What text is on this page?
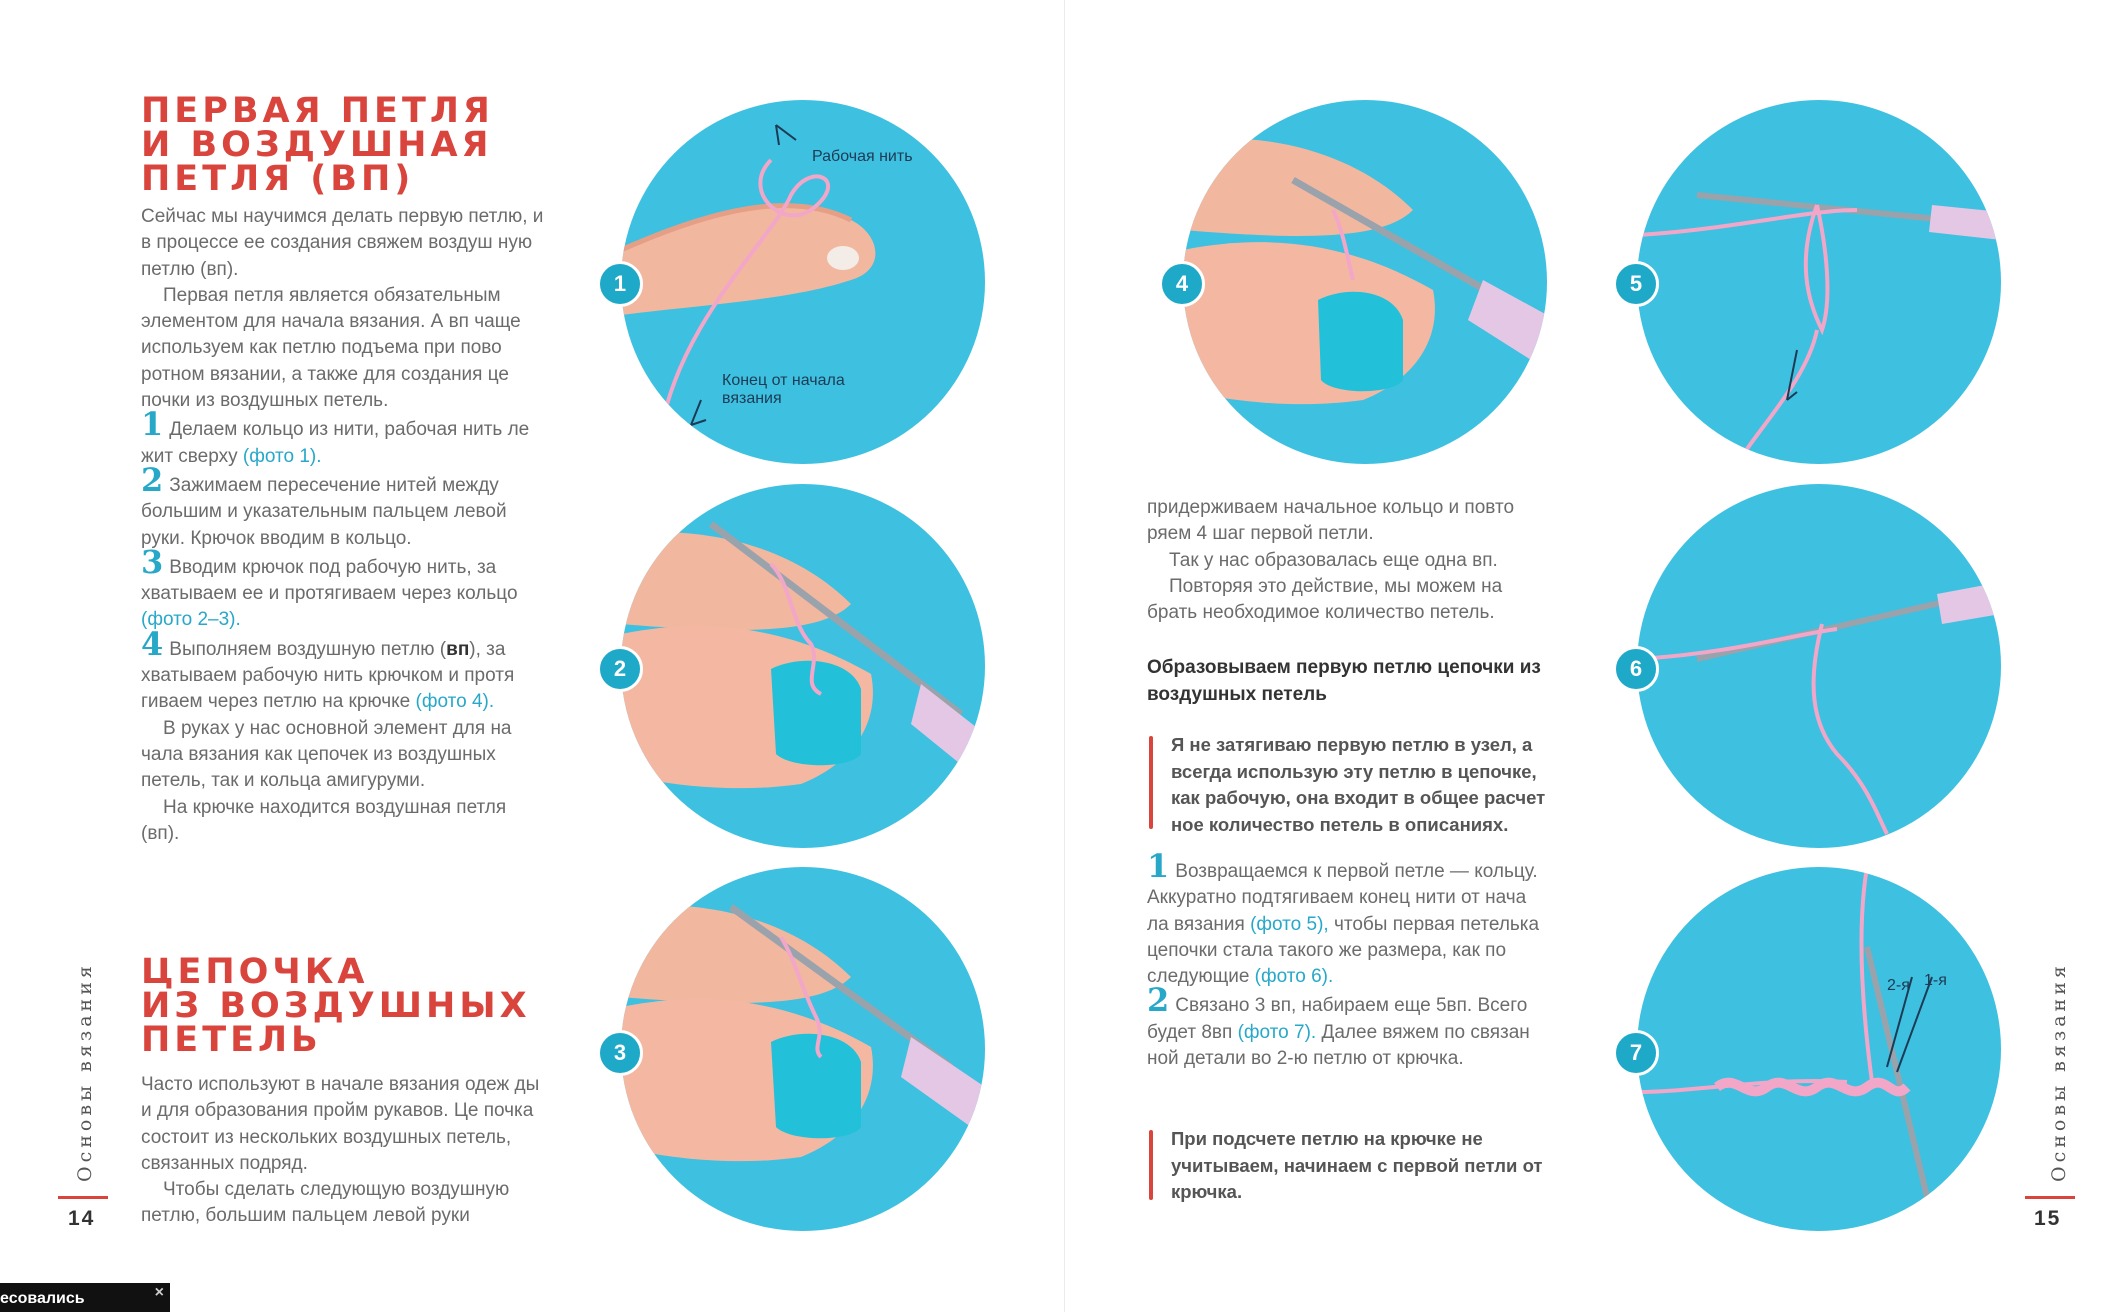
ПЕРВАЯ ПЕТЛЯ
И ВОЗДУШНАЯ
ПЕТЛЯ (ВП)

Сейчас мы научимся делать первую петлю, и в процессе ее создания свяжем воздуш ную петлю (вп).

Первая петля является обязательным элементом для начала вязания. А вп чаще используем как петлю подъема при пово ротном вязании, а также для создания це почки из воздушных петель.

1 Делаем кольцо из нити, рабочая нить ле жит сверху (фото 1).

2 Зажимаем пересечение нитей между большим и указательным пальцем левой руки. Крючок вводим в кольцо.

3 Вводим крючок под рабочую нить, за хватываем ее и протягиваем через кольцо (фото 2–3).

4 Выполняем воздушную петлю (вп), за хватываем рабочую нить крючком и протя гиваем через петлю на крючке (фото 4).

В руках у нас основной элемент для на чала вязания как цепочек из воздушных петель, так и кольца амигуруми.

На крючке находится воздушная петля (вп).

ЦЕПОЧКА
ИЗ ВОЗДУШНЫХ
ПЕТЕЛЬ

Часто используют в начале вязания одеж ды и для образования пройм рукавов. Це почка состоит из нескольких воздушных петель, связанных подряд.

Чтобы сделать следующую воздушную петлю, большим пальцем левой руки

Основы вязания
14
Рабочая нить
Конец от начала
вязания
1
2
3
4	5
6
2-я 1-я
7

придерживаем начальное кольцо и повто ряем 4 шаг первой петли.

Так у нас образовалась еще одна вп.

Повторяя это действие, мы можем на брать необходимое количество петель.

Образовываем первую петлю цепочки из воздушных петель

Я не затягиваю первую петлю в узел, а всегда использую эту петлю в цепочке, как рабочую, она входит в общее расчет ное количество петель в описаниях.

1 Возвращаемся к первой петле — кольцу. Аккуратно подтягиваем конец нити от нача ла вязания (фото 5), чтобы первая петелька цепочки стала такого же размера, как по следующие (фото 6).

2 Связано 3 вп, набираем еще 5вп. Всего будет 8вп (фото 7). Далее вяжем по связан ной детали во 2-ю петлю от крючка.

При подсчете петлю на крючке не учитываем, начинаем с первой петли от крючка.

Основы вязания
15
есовались	×
